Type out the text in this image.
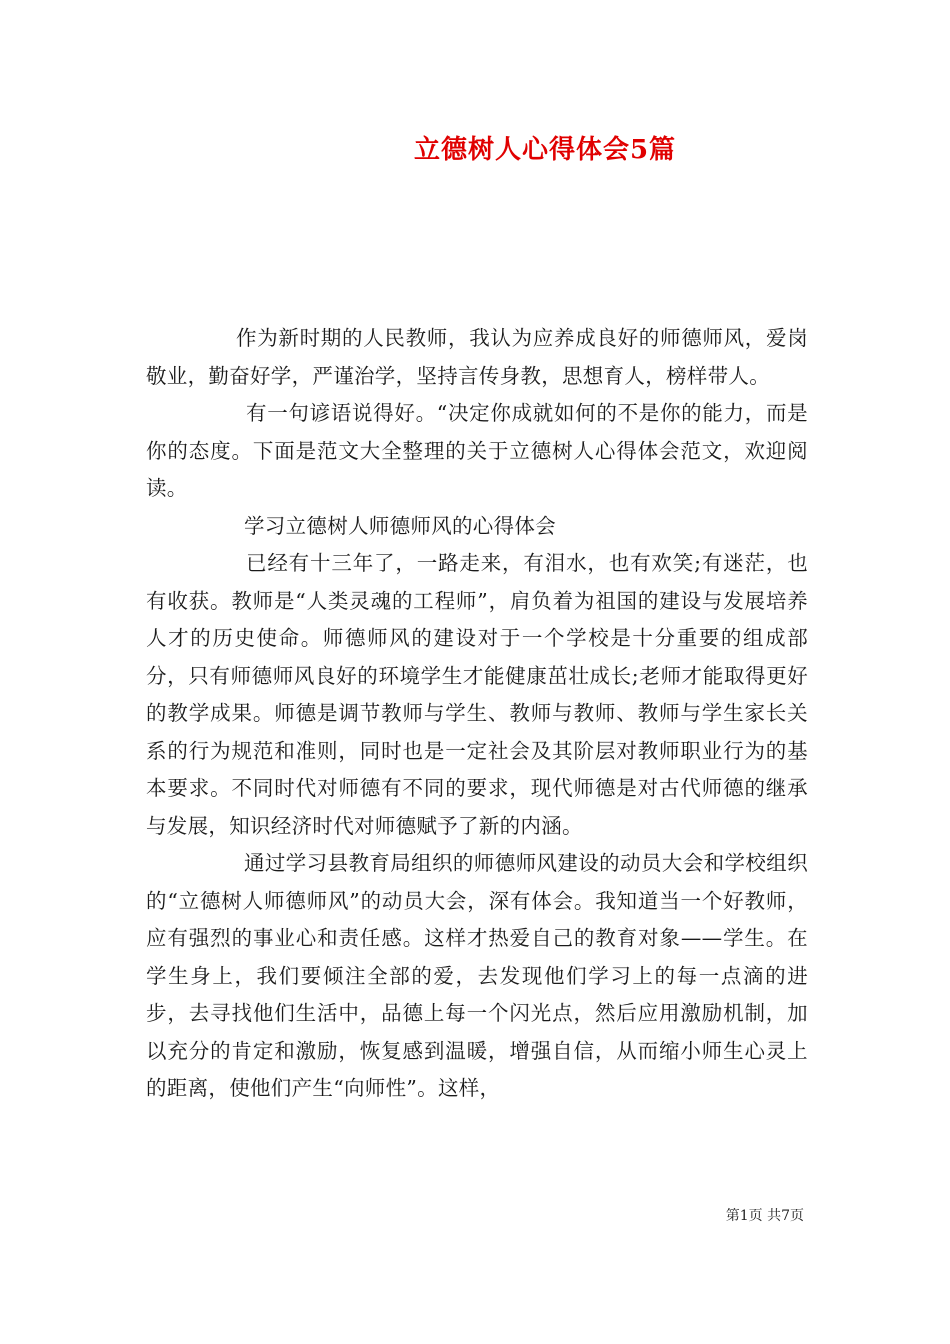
立德树人心得体会5篇

作为新时期的人民教师，我认为应养成良好的师德师风，爱岗敬业，勤奋好学，严谨治学，坚持言传身教，思想育人，榜样带人。

有一句谚语说得好。“决定你成就如何的不是你的能力，而是你的态度。下面是范文大全整理的关于立德树人心得体会范文，欢迎阅读。

学习立德树人师德师风的心得体会

已经有十三年了，一路走来，有泪水，也有欢笑;有迷茫，也有收获。教师是“人类灵魂的工程师”，肩负着为祖国的建设与发展培养人才的历史使命。师德师风的建设对于一个学校是十分重要的组成部分，只有师德师风良好的环境学生才能健康茁壮成长;老师才能取得更好的教学成果。师德是调节教师与学生、教师与教师、教师与学生家长关系的行为规范和准则，同时也是一定社会及其阶层对教师职业行为的基本要求。不同时代对师德有不同的要求，现代师德是对古代师德的继承与发展，知识经济时代对师德赋予了新的内涵。

通过学习县教育局组织的师德师风建设的动员大会和学校组织的“立德树人师德师风”的动员大会，深有体会。我知道当一个好教师，应有强烈的事业心和责任感。这样才热爱自己的教育对象——学生。在学生身上，我们要倾注全部的爱，去发现他们学习上的每一点滴的进步，去寻找他们生活中，品德上每一个闪光点，然后应用激励机制，加以充分的肯定和激励，恢复感到温暖，增强自信，从而缩小师生心灵上的距离，使他们产生“向师性”。这样，

第1页 共7页
